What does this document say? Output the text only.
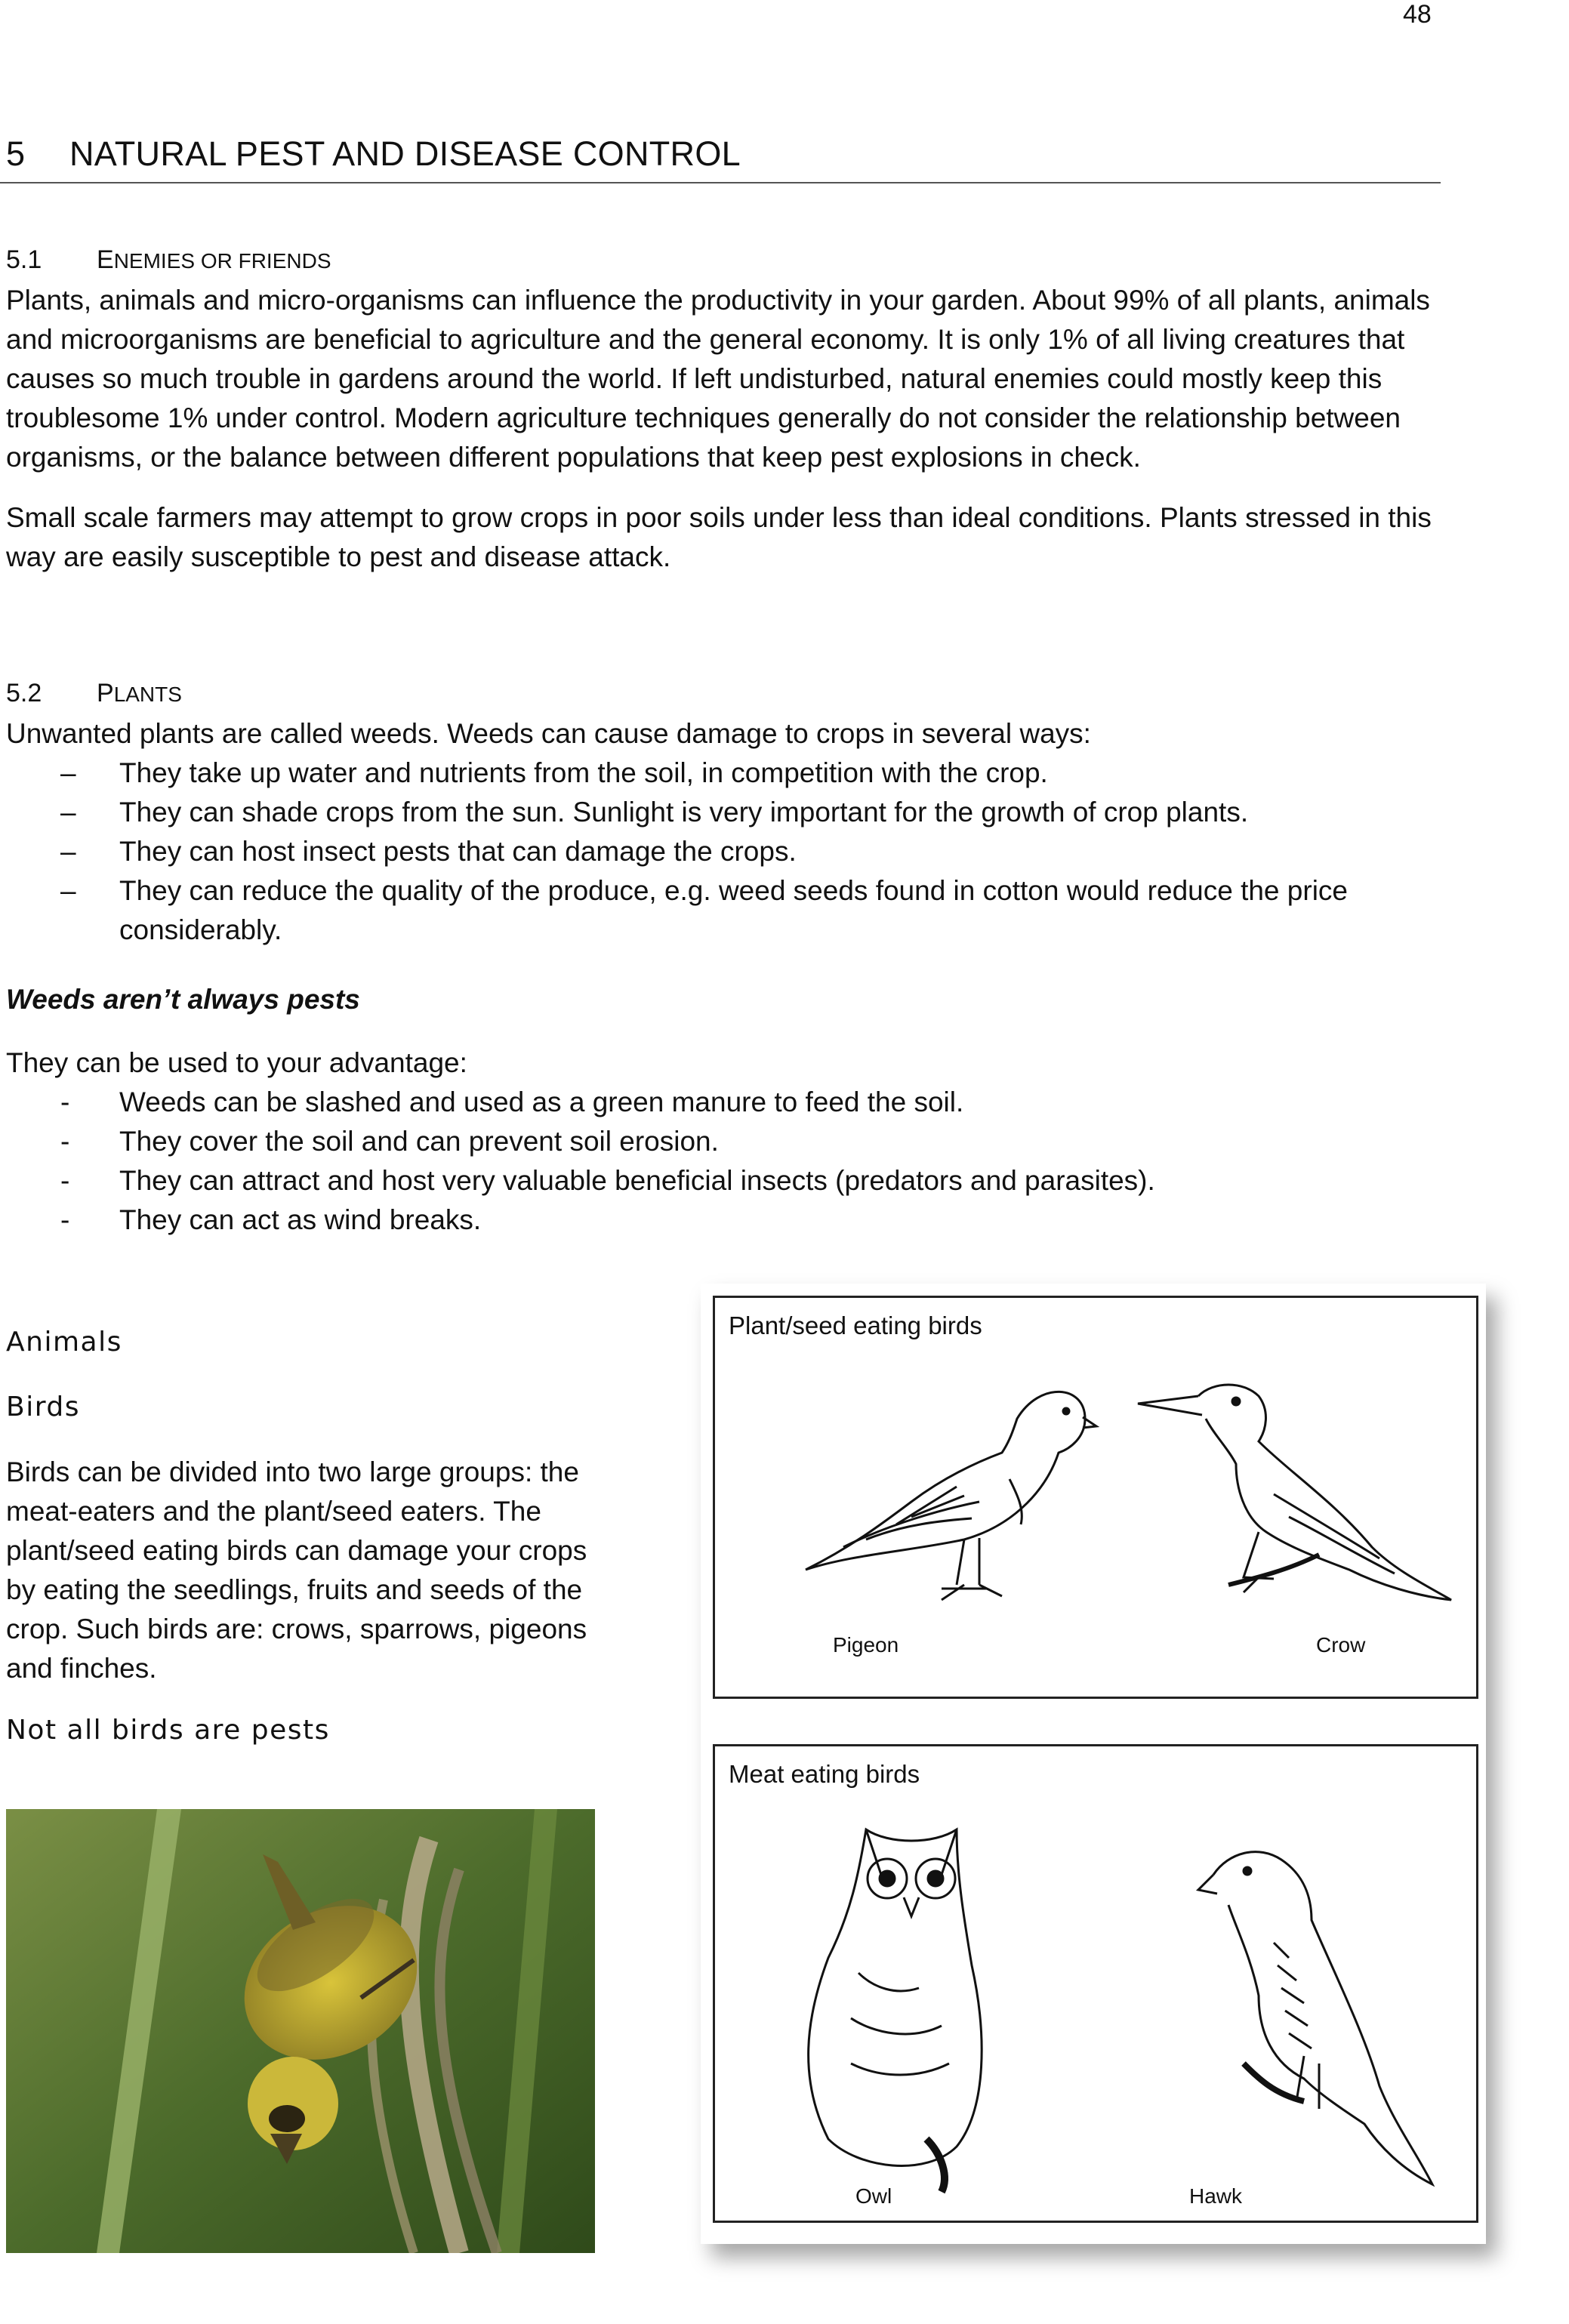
48
5 NATURAL PEST AND DISEASE CONTROL

5.1 ENEMIES OR FRIENDS

Plants, animals and micro-organisms can influence the productivity in your garden. About 99% of all plants, animals and microorganisms are beneficial to agriculture and the general economy. It is only 1% of all living creatures that causes so much trouble in gardens around the world. If left undisturbed, natural enemies could mostly keep this troublesome 1% under control. Modern agriculture techniques generally do not consider the relationship between organisms, or the balance between different populations that keep pest explosions in check.

Small scale farmers may attempt to grow crops in poor soils under less than ideal conditions. Plants stressed in this way are easily susceptible to pest and disease attack.

5.2 PLANTS

Unwanted plants are called weeds. Weeds can cause damage to crops in several ways:

– They take up water and nutrients from the soil, in competition with the crop.
– They can shade crops from the sun. Sunlight is very important for the growth of crop plants.
– They can host insect pests that can damage the crops.
– They can reduce the quality of the produce, e.g. weed seeds found in cotton would reduce the price considerably.

Weeds aren’t always pests

They can be used to your advantage:

- Weeds can be slashed and used as a green manure to feed the soil.
- They cover the soil and can prevent soil erosion.
- They can attract and host very valuable beneficial insects (predators and parasites).
- They can act as wind breaks.

Animals

Birds

Birds can be divided into two large groups: the meat-eaters and the plant/seed eaters. The plant/seed eating birds can damage your crops by eating the seedlings, fruits and seeds of the crop. Such birds are: crows, sparrows, pigeons and finches.

Not all birds are pests

Plant/seed eating birds
Pigeon	Crow
Meat eating birds
Owl	Hawk
